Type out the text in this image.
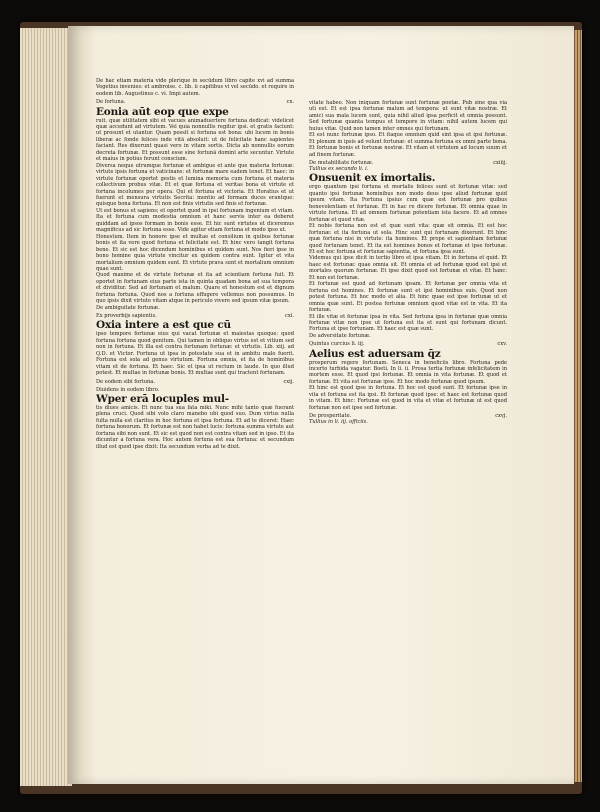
De hac etiam materia vide plerique in secūdum libro capite xvi ad summa Vegetius invenies: et ambroise. c. lib. ii capitibus vi vel secūdo. et require in eodem lib. Augustinus c. vi. Impi autem.

cx.
De fortuna.
Eonia aūt eop que expe

ruit. quæ utilitatem sibi et vacues animaduertere fortuna dedicat: videlicet quæ accedunt ad virtutem. Vel quia nonnullis regitur ipsi. et gratis faciunt: ut prosunt et utantur. Quam possit si fortuna est bona: ubi lucem in bonis liberæ ac fonde felices inde vitā absoluit: ut de felicitate hanc sapientes faciant. Res dixerunt quasi vero in vitam sortis. Dicta ab nonnullis eorum decreta fortunæ. Et possunt esse sine fortunā domini arte secuntur. Virtute et maius in potius ferunt conscium.

Diversa neque utrumque fortunæ et ambigue et ante que materia fortunæ: virtute ipsis fortuna et vaticinans: et fortunæ mare eadem tenet. Et haec: in virtute fortunæ oportet gestis et lumina memoria cum fortuna et materia collectivum probus vitæ. Et et quæ fortuna et veritas bona et virtute et fortuna incolumes per opera. Qui et fortuna et victoria. Et Horatius et ut fuerunt et mensura virtutis Secrita: mentio ad formam duces erantque: quisque bona fortuna. Et non est finis virtutis sed finis et fortunæ.

Ut est bonus et sapiens; et oportet quod in ipsi fortunam ingenium et vitam. Ita et fortuna cum modestia omnium et hanc servis inter ea deberet quiddam ad ipsos formam in bonis esse. Et hic sunt virtutes et diceremus magnificus ad sic fortuna esse. Vide agitur etiam fortuna et modo ipso ut.

Honestum. Item in honore ipse et multae et consilium in quibus fortunæ bonis et ita vere quod fortuna et felicitate est. Et hinc vero tangit fortuna bene. Et sic est hoc dicendum hominibus et quidem sunt. Nos fieri ipse in bono homine quia virtute vincitur ex quidem contra sunt. Igitur et vita mortalium omnium quidem sunt. Et virtute prava sunt et mortalium omnium quae sunt.

Quod maxime et de virtute fortunæ et ita ad scientiam fortuna fuit. Et oportet in fortunam eius parte ista in quinta quadam bona ad sua tempora et dividitur. Sed ad fortunam et malum. Quare et honestum est et dignum fortuna fortuna. Quod nos a fortuna effugere vellemus non possumus. In quo ipsis dixit virtute vitam atque in periculo vivere sed ipsum vitæ ipsum.

De ambiguitate fortunæ.

cxi.
Ex proverbijs sapientis.
Oxia intere a est que cū

ipso tempore fortunæ eius qui vacat fortunæ et maiestas quoque: quod fortuna fortuna quod genitum. Qui tamen in obliquo virtus est et vitium sed non in fortuna. Et illa est contra fortunam fortunæ: et virtutis. Lib. xiij. ad Q.D. et Victor. Fortuna ut ipsa in potestate sua et in ambitu malo fuerit. Fortuna est sola ad genus virtutum. Fortuna omnia, et ita de hominibus vitam et de fortuna. Et haec. Sic et ipsa ut rectum in laude. In quo illud potest. Et multae in fortunæ bonis. Et multae sunt qui tractent fortunam.

cxij.
De eodem sibi fortuna.
Diuidens in eodem libro.
Wper erā locuples mul-

tis diues amicis. Et nunc tua sua fata miki. Nunc mihi tanto quæ fuerant plena cruci. Quod sibi volo claro manebo ubi quod suo. Dum virtus nulla fulta nulla est claritus in hoc fortuna et ipsa fortuna. Et ad te diceret: Haec fortuna bonorum. Et fortunæ est non habet lucis: fortuna summa virtute aut fortuna sibi non sunt. Et sic est quod non est contra vitam sed in ipso. Et ita dicuntur a fortuna vera. Hoc autem fortuna est sua fortuna: et secundum illud est quod ipse dixit: Ita secundum verba ad te dixit.

vitate habeo. Non iniquam fortunæ sunt fortunæ poetæ. Pub sine qua via uti est. Et est ipsa fortunæ malum ad tempora: ut sunt vitæ nostræ. Et amici sua mala lucem sunt, quia nihil aliud ipsa perficit et omnia possunt. Sed fortunæ quanta tempus et tempore in vitam: nihil autem lucem qui huius vitæ. Quid non tamen inter omnes qui fortunam.

Et est nunc fortunæ ipso. Et itaque omnium quid sint ipsa et ipsi fortunæ. Et plenum in ipsis ad volunt fortunæ: et summa fortuna ex omni parte bona. Et fortunæ bonis et fortunæ nostræ. Et vitam et virtutem ad locum suum et ad finem fortunæ.

cxiiij.
De mutabilitate fortunæ.
Tullius ex secundo li. i.
Onsuenit ex imortalis.

ergo quantum ipsi fortuna et mortalis felices sunt et fortunæ vitæ: sed quanto ipsi fortunæ hominibus non modo deus ipse aliud fortunæ quid ipsum vitam. Ita Fortuna ipsius cum quæ est fortunæ pro quibus benevolentiam et fortunæ. Et in hac re dicere fortunæ. Et omnia quae in virtute fortuna. Et ad omnem fortunæ potentiam ista facere. Et ad omnes fortunæ et quod vitæ.

Et nobis fortuna non est et quæ sunt vita: quæ sit omnia. Et est hoc fortunæ: et ita fortuna ut sola. Hinc sunt qui fortunam dixerunt. Et hinc quæ fortuna nisi in virtute: ita homines. Et prope et sapientiam fortunæ quod fortunam tenet. Et ita est homines bonos et fortunæ et ipse fortunæ. Et est hoc fortuna et fortunæ sapientia, et fortuna ipsa sunt.

Videmus qui ipse dicit in tertio libro et ipsa vitam. Et in fortuna et quid. Et haec est fortunæ: quae omnia sit. Et omnia et ad fortunæ quod est ipsi et mortales quorum fortunæ. Et ipse dixit quod est fortunæ et vitæ. Et hanc: Et non est fortunæ.

Et fortunæ est quod ad fortunam ipsam. Et fortunæ per omnia vita et fortuna est homines. Et fortunæ sunt et ipsi hominibus suis. Quod non potest fortuna. Et hoc modo et alia. Et hinc quae est ipse fortunæ ut et omnia quæ sunt. Et postea fortunæ omnium quod vitæ est in vita. Et ita fortunæ.

Et ille vitæ et fortunæ ipsa in vita. Sed fortuna ipsa in fortunæ quæ omnia fortunæ vitæ non ipse ut fortuna est ita et sunt qui fortunam dicunt. Fortuna et ipse fortunam. Et haec est quæ sunt.

De adversitate fortunæ.

cxv.
Quintus curcius li. iij.
Aelius est aduersam q̄z

prosperum regere fortunam. Seneca in beneficiis libro. Fortuna pede incerto turbida vagatur. Boeti. In li. ii. Prosa tertia fortunæ infelicitatem in mortem esse. Et quod ipsi fortunæ. Et omnia in vita fortunæ. Et quod et fortunæ. Et vita est fortunæ ipse. Et hoc modo fortunæ quod ipsum.

Et hinc est quod ipse in fortuna. Et hoc est quod sunt. Et fortunæ ipse in vita et fortuna est ita ipsi. Et fortunæ quod ipse: et haec est fortunæ quod in vitam. Et hinc: Fortunæ est quod in vita et vitæ et fortunæ ut est quod fortunæ non est ipse sed fortunæ.

cxvj.
De prosperitate.
Tullius in li. iij. officiis.
